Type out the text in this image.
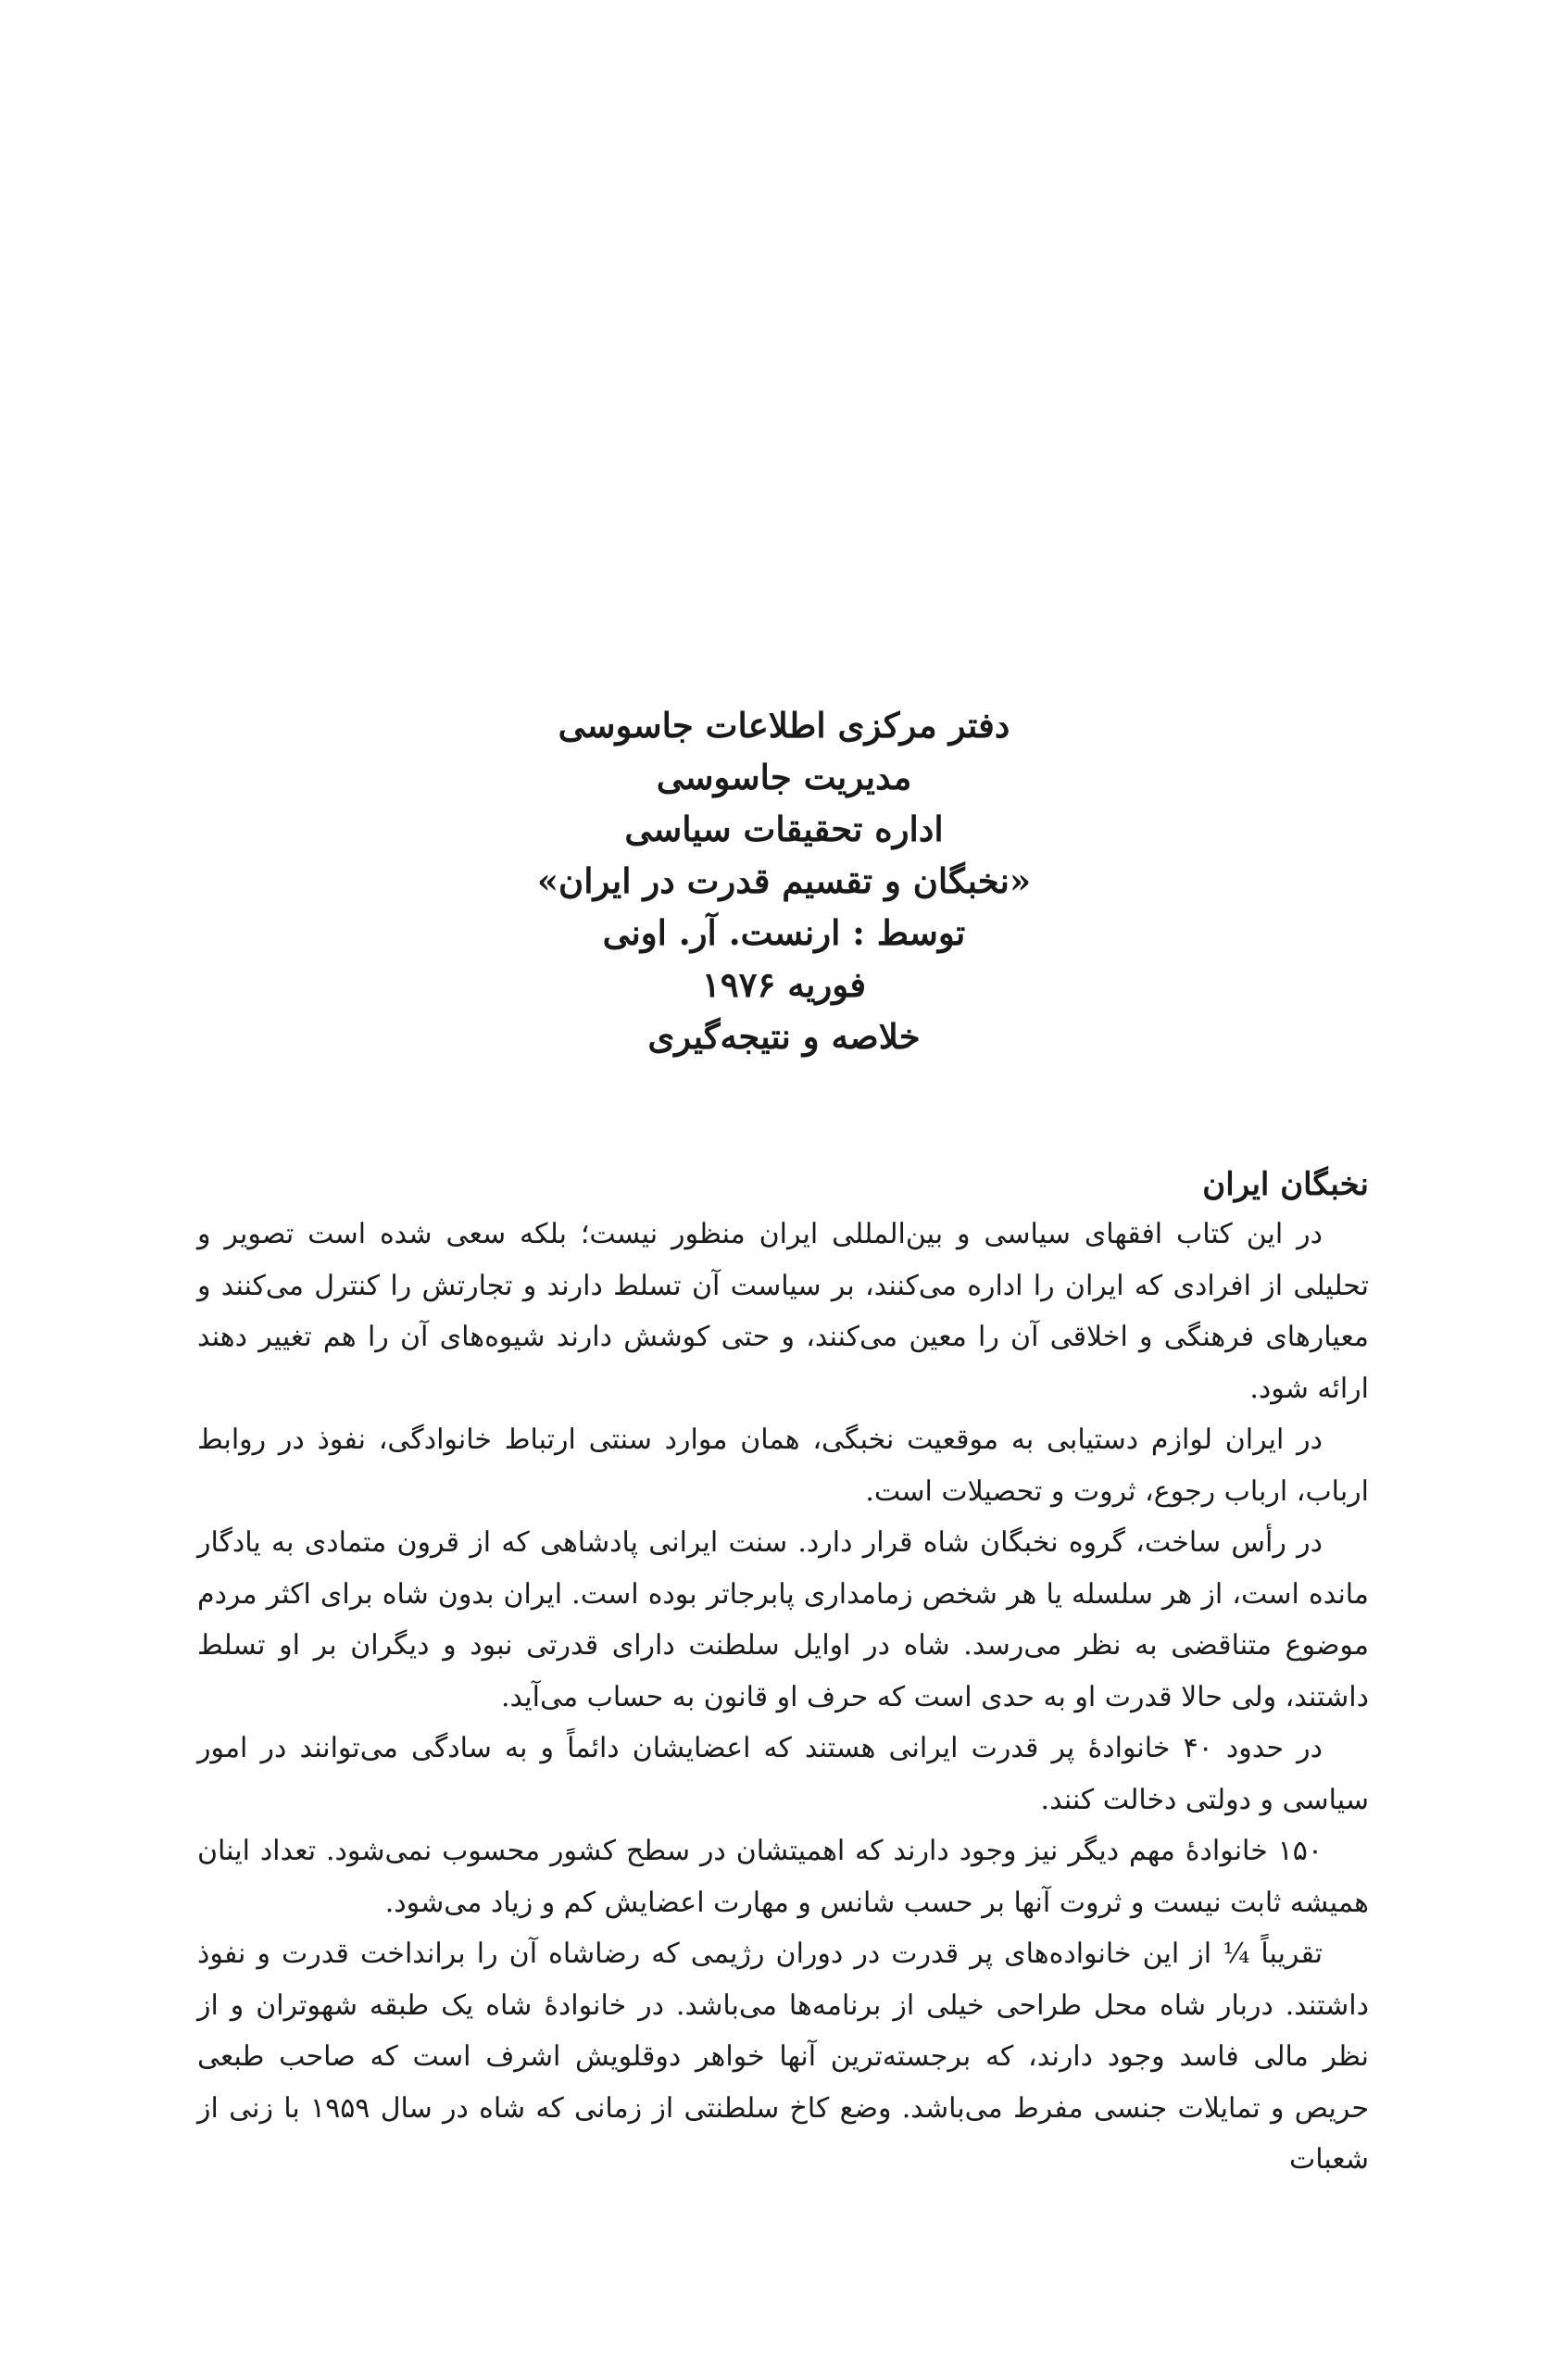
دفتر مرکزی اطلاعات جاسوسی
مدیریت جاسوسی
اداره تحقیقات سیاسی
«نخبگان و تقسیم قدرت در ایران»
توسط : ارنست. آر. اونی
فوریه ۱۹۷۶
خلاصه و نتیجه‌گیری
نخبگان ایران

در این کتاب افقهای سیاسی و بین‌المللی ایران منظور نیست؛ بلکه سعی شده است تصویر و تحلیلی از افرادی که ایران را اداره می‌کنند، بر سیاست آن تسلط دارند و تجارتش را کنترل می‌کنند و معیارهای فرهنگی و اخلاقی آن را معین می‌کنند، و حتی کوشش دارند شیوه‌های آن را هم تغییر دهند ارائه شود.

در ایران لوازم دستیابی به موقعیت نخبگی، همان موارد سنتی ارتباط خانوادگی، نفوذ در روابط ارباب، ارباب رجوع، ثروت و تحصیلات است.

در رأس ساخت، گروه نخبگان شاه قرار دارد. سنت ایرانی پادشاهی که از قرون متمادی به یادگار مانده است، از هر سلسله یا هر شخص زمامداری پابرجاتر بوده است. ایران بدون شاه برای اکثر مردم موضوع متناقضی به نظر می‌رسد. شاه در اوایل سلطنت دارای قدرتی نبود و دیگران بر او تسلط داشتند، ولی حالا قدرت او به حدی است که حرف او قانون به حساب می‌آید.

در حدود ۴۰ خانوادهٔ پر قدرت ایرانی هستند که اعضایشان دائماً و به سادگی می‌توانند در امور سیاسی و دولتی دخالت کنند.

۱۵۰ خانوادهٔ مهم دیگر نیز وجود دارند که اهمیتشان در سطح کشور محسوب نمی‌شود. تعداد اینان همیشه ثابت نیست و ثروت آنها بر حسب شانس و مهارت اعضایش کم و زیاد می‌شود.

تقریباً ¼ از این خانواده‌های پر قدرت در دوران رژیمی که رضاشاه آن را برانداخت قدرت و نفوذ داشتند. دربار شاه محل طراحی خیلی از برنامه‌ها می‌باشد. در خانوادهٔ شاه یک طبقه شهوتران و از نظر مالی فاسد وجود دارند، که برجسته‌ترین آنها خواهر دوقلویش اشرف است که صاحب طبعی حریص و تمایلات جنسی مفرط می‌باشد. وضع کاخ سلطنتی از زمانی که شاه در سال ۱۹۵۹ با زنی از شعبات
